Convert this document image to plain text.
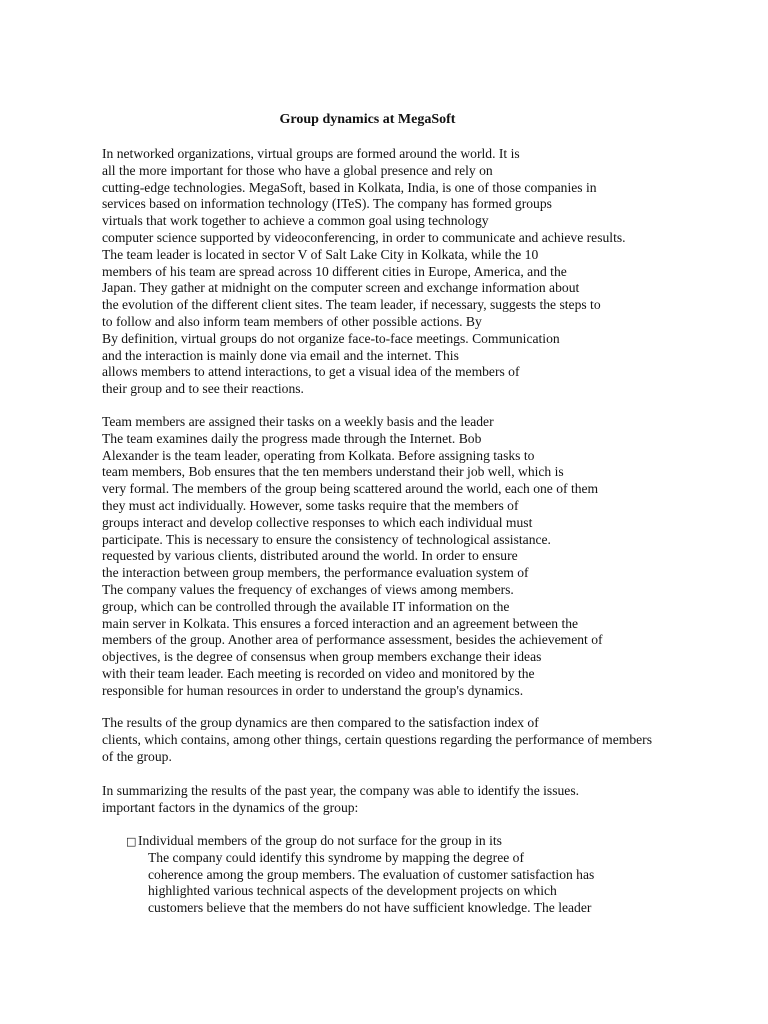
Group dynamics at MegaSoft
In networked organizations, virtual groups are formed around the world. It is
all the more important for those who have a global presence and rely on
cutting-edge technologies. MegaSoft, based in Kolkata, India, is one of those companies in
services based on information technology (ITeS). The company has formed groups
virtuals that work together to achieve a common goal using technology
computer science supported by videoconferencing, in order to communicate and achieve results.
The team leader is located in sector V of Salt Lake City in Kolkata, while the 10
members of his team are spread across 10 different cities in Europe, America, and the
Japan. They gather at midnight on the computer screen and exchange information about
the evolution of the different client sites. The team leader, if necessary, suggests the steps to
to follow and also inform team members of other possible actions. By
By definition, virtual groups do not organize face-to-face meetings. Communication
and the interaction is mainly done via email and the internet. This
allows members to attend interactions, to get a visual idea of the members of
their group and to see their reactions.
Team members are assigned their tasks on a weekly basis and the leader
The team examines daily the progress made through the Internet. Bob
Alexander is the team leader, operating from Kolkata. Before assigning tasks to
team members, Bob ensures that the ten members understand their job well, which is
very formal. The members of the group being scattered around the world, each one of them
they must act individually. However, some tasks require that the members of
groups interact and develop collective responses to which each individual must
participate. This is necessary to ensure the consistency of technological assistance.
requested by various clients, distributed around the world. In order to ensure
the interaction between group members, the performance evaluation system of
The company values the frequency of exchanges of views among members.
group, which can be controlled through the available IT information on the
main server in Kolkata. This ensures a forced interaction and an agreement between the
members of the group. Another area of performance assessment, besides the achievement of
objectives, is the degree of consensus when group members exchange their ideas
with their team leader. Each meeting is recorded on video and monitored by the
responsible for human resources in order to understand the group's dynamics.
The results of the group dynamics are then compared to the satisfaction index of
clients, which contains, among other things, certain questions regarding the performance of members
of the group.
In summarizing the results of the past year, the company was able to identify the issues.
important factors in the dynamics of the group:
□ Individual members of the group do not surface for the group in its
The company could identify this syndrome by mapping the degree of
coherence among the group members. The evaluation of customer satisfaction has
highlighted various technical aspects of the development projects on which
customers believe that the members do not have sufficient knowledge. The leader
